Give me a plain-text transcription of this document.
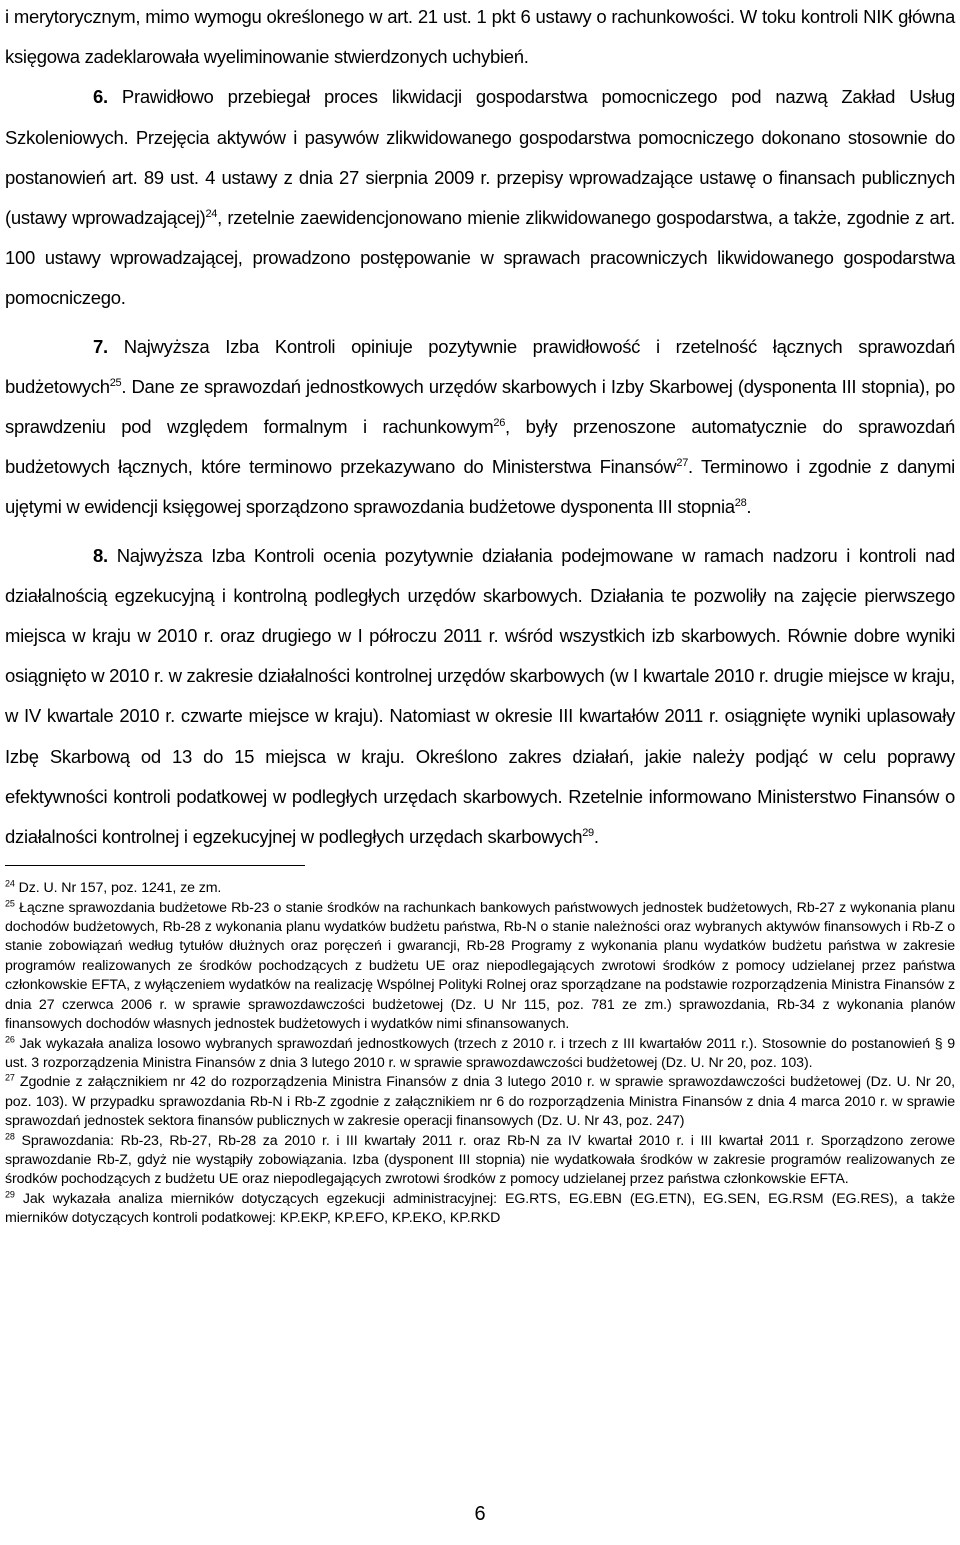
i merytorycznym, mimo wymogu określonego w art. 21 ust. 1 pkt 6 ustawy o rachunkowości. W toku kontroli NIK główna księgowa zadeklarowała wyeliminowanie stwierdzonych uchybień.

6. Prawidłowo przebiegał proces likwidacji gospodarstwa pomocniczego pod nazwą Zakład Usług Szkoleniowych. Przejęcia aktywów i pasywów zlikwidowanego gospodarstwa pomocniczego dokonano stosownie do postanowień art. 89 ust. 4 ustawy z dnia 27 sierpnia 2009 r. przepisy wprowadzające ustawę o finansach publicznych (ustawy wprowadzającej)$^{24}$, rzetelnie zaewidencjonowano mienie zlikwidowanego gospodarstwa, a także, zgodnie z art. 100 ustawy wprowadzającej, prowadzono postępowanie w sprawach pracowniczych likwidowanego gospodarstwa pomocniczego.

7. Najwyższa Izba Kontroli opiniuje pozytywnie prawidłowość i rzetelność łącznych sprawozdań budżetowych$^{25}$. Dane ze sprawozdań jednostkowych urzędów skarbowych i Izby Skarbowej (dysponenta III stopnia), po sprawdzeniu pod względem formalnym i rachunkowym$^{26}$, były przenoszone automatycznie do sprawozdań budżetowych łącznych, które terminowo przekazywano do Ministerstwa Finansów$^{27}$. Terminowo i zgodnie z danymi ujętymi w ewidencji księgowej sporządzono sprawozdania budżetowe dysponenta III stopnia$^{28}$.

8. Najwyższa Izba Kontroli ocenia pozytywnie działania podejmowane w ramach nadzoru i kontroli nad działalnością egzekucyjną i kontrolną podległych urzędów skarbowych. Działania te pozwoliły na zajęcie pierwszego miejsca w kraju w 2010 r. oraz drugiego w I półroczu 2011 r. wśród wszystkich izb skarbowych. Równie dobre wyniki osiągnięto w 2010 r. w zakresie działalności kontrolnej urzędów skarbowych (w I kwartale 2010 r. drugie miejsce w kraju, w IV kwartale 2010 r. czwarte miejsce w kraju). Natomiast w okresie III kwartałów 2011 r. osiągnięte wyniki uplasowały Izbę Skarbową od 13 do 15 miejsca w kraju. Określono zakres działań, jakie należy podjąć w celu poprawy efektywności kontroli podatkowej w podległych urzędach skarbowych. Rzetelnie informowano Ministerstwo Finansów o działalności kontrolnej i egzekucyjnej w podległych urzędach skarbowych$^{29}$.

$^{24}$ Dz. U. Nr 157, poz. 1241, ze zm.

$^{25}$ Łączne sprawozdania budżetowe Rb-23 o stanie środków na rachunkach bankowych państwowych jednostek budżetowych, Rb-27 z wykonania planu dochodów budżetowych, Rb-28 z wykonania planu wydatków budżetu państwa, Rb-N o stanie należności oraz wybranych aktywów finansowych i Rb-Z o stanie zobowiązań według tytułów dłużnych oraz poręczeń i gwarancji, Rb-28 Programy z wykonania planu wydatków budżetu państwa w zakresie programów realizowanych ze środków pochodzących z budżetu UE oraz niepodlegających zwrotowi środków z pomocy udzielanej przez państwa członkowskie EFTA, z wyłączeniem wydatków na realizację Wspólnej Polityki Rolnej oraz sporządzane na podstawie rozporządzenia Ministra Finansów z dnia 27 czerwca 2006 r. w sprawie sprawozdawczości budżetowej (Dz. U Nr 115, poz. 781 ze zm.) sprawozdania, Rb-34 z wykonania planów finansowych dochodów własnych jednostek budżetowych i wydatków nimi sfinansowanych.

$^{26}$ Jak wykazała analiza losowo wybranych sprawozdań jednostkowych (trzech z 2010 r. i trzech z III kwartałów 2011 r.). Stosownie do postanowień § 9 ust. 3 rozporządzenia Ministra Finansów z dnia 3 lutego 2010 r. w sprawie sprawozdawczości budżetowej (Dz. U. Nr 20, poz. 103).

$^{27}$ Zgodnie z załącznikiem nr 42 do rozporządzenia Ministra Finansów z dnia 3 lutego 2010 r. w sprawie sprawozdawczości budżetowej (Dz. U. Nr 20, poz. 103). W przypadku sprawozdania Rb-N i Rb-Z zgodnie z załącznikiem nr 6 do rozporządzenia Ministra Finansów z dnia 4 marca 2010 r. w sprawie sprawozdań jednostek sektora finansów publicznych w zakresie operacji finansowych (Dz. U. Nr 43, poz. 247)

$^{28}$ Sprawozdania: Rb-23, Rb-27, Rb-28 za 2010 r. i III kwartały 2011 r. oraz Rb-N za IV kwartał 2010 r. i III kwartał 2011 r. Sporządzono zerowe sprawozdanie Rb-Z, gdyż nie wystąpiły zobowiązania. Izba (dysponent III stopnia) nie wydatkowała środków w zakresie programów realizowanych ze środków pochodzących z budżetu UE oraz niepodlegających zwrotowi środków z pomocy udzielanej przez państwa członkowskie EFTA.

$^{29}$ Jak wykazała analiza mierników dotyczących egzekucji administracyjnej: EG.RTS, EG.EBN (EG.ETN), EG.SEN, EG.RSM (EG.RES), a także mierników dotyczących kontroli podatkowej: KP.EKP, KP.EFO, KP.EKO, KP.RKD

6
